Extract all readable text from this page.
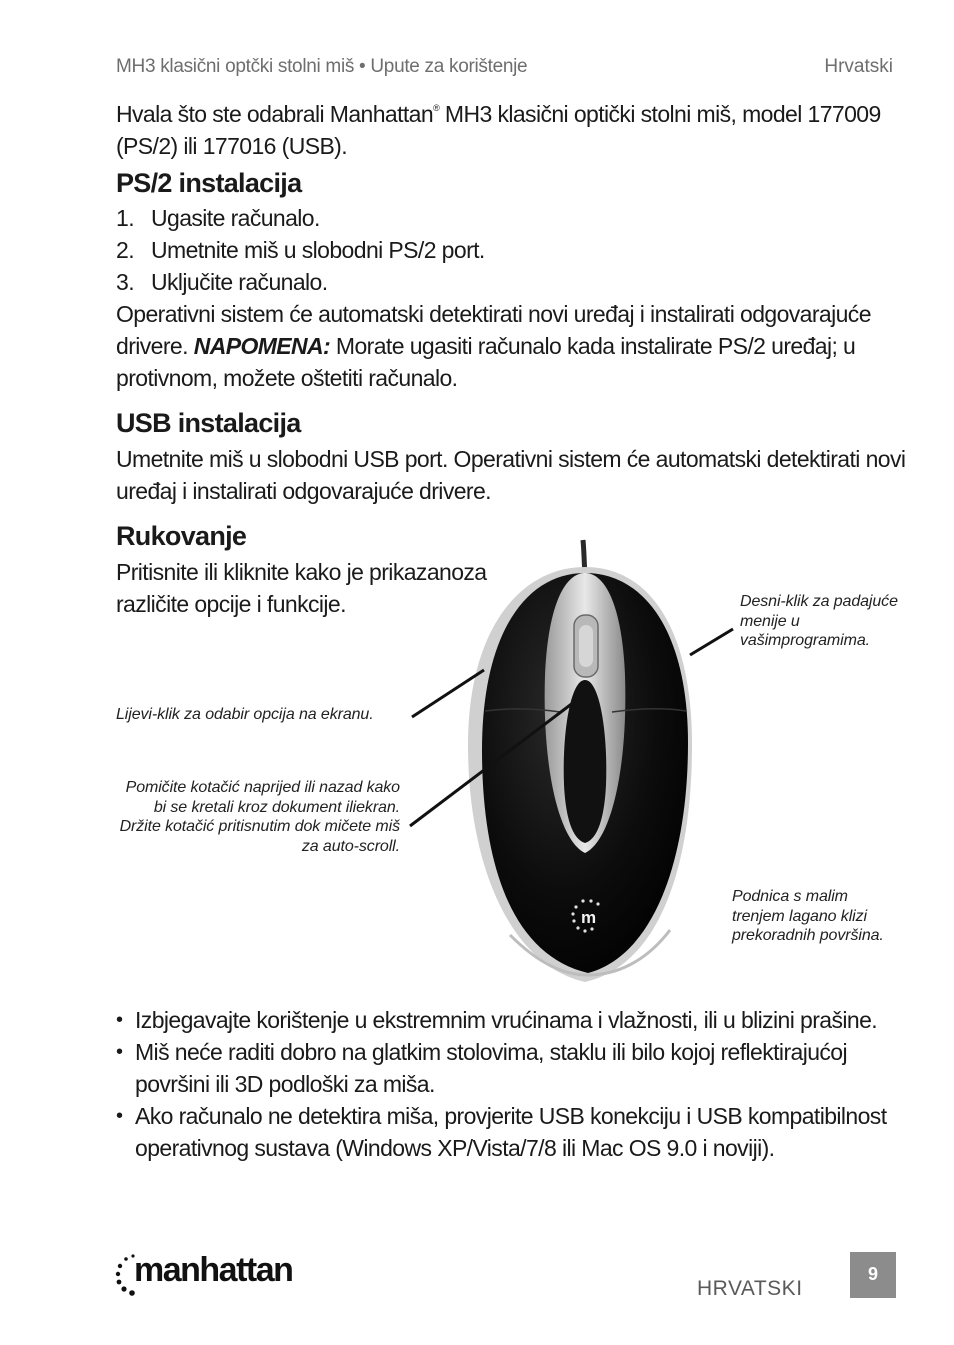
MH3 klasični optčki stolni miš • Upute za korištenje	Hrvatski
Hvala što ste odabrali Manhattan® MH3 klasični optički stolni miš, model 177009 (PS/2) ili 177016 (USB).
PS/2 instalacija
1. Ugasite računalo.
2. Umetnite miš u slobodni PS/2 port.
3. Uključite računalo.
Operativni sistem će automatski detektirati novi uređaj i instalirati odgovarajuće drivere. NAPOMENA: Morate ugasiti računalo kada instalirate PS/2 uređaj; u protivnom, možete oštetiti računalo.
USB instalacija
Umetnite miš u slobodni USB port. Operativni sistem će automatski detektirati novi uređaj i instalirati odgovarajuće drivere.
Rukovanje
Pritisnite ili kliknite kako je prikazanoza različite opcije i funkcije.
m
Desni-klik za padajuće menije u vašimprogramima.
Lijevi-klik za odabir opcija na ekranu.
Pomičite kotačić naprijed ili nazad kako bi se kretali kroz dokument iliekran. Držite kotačić pritisnutim dok mičete miš za auto-scroll.
Podnica s malim trenjem lagano klizi prekoradnih površina.
• Izbjegavajte korištenje u ekstremnim vrućinama i vlažnosti, ili u blizini prašine.
• Miš neće raditi dobro na glatkim stolovima, staklu ili bilo kojoj reflektirajućoj površini ili 3D podloški za miša.
• Ako računalo ne detektira miša, provjerite USB konekciju i USB kompatibilnost operativnog sustava (Windows XP/Vista/7/8 ili Mac OS 9.0 i noviji).
manhattan	HRVATSKI
9
